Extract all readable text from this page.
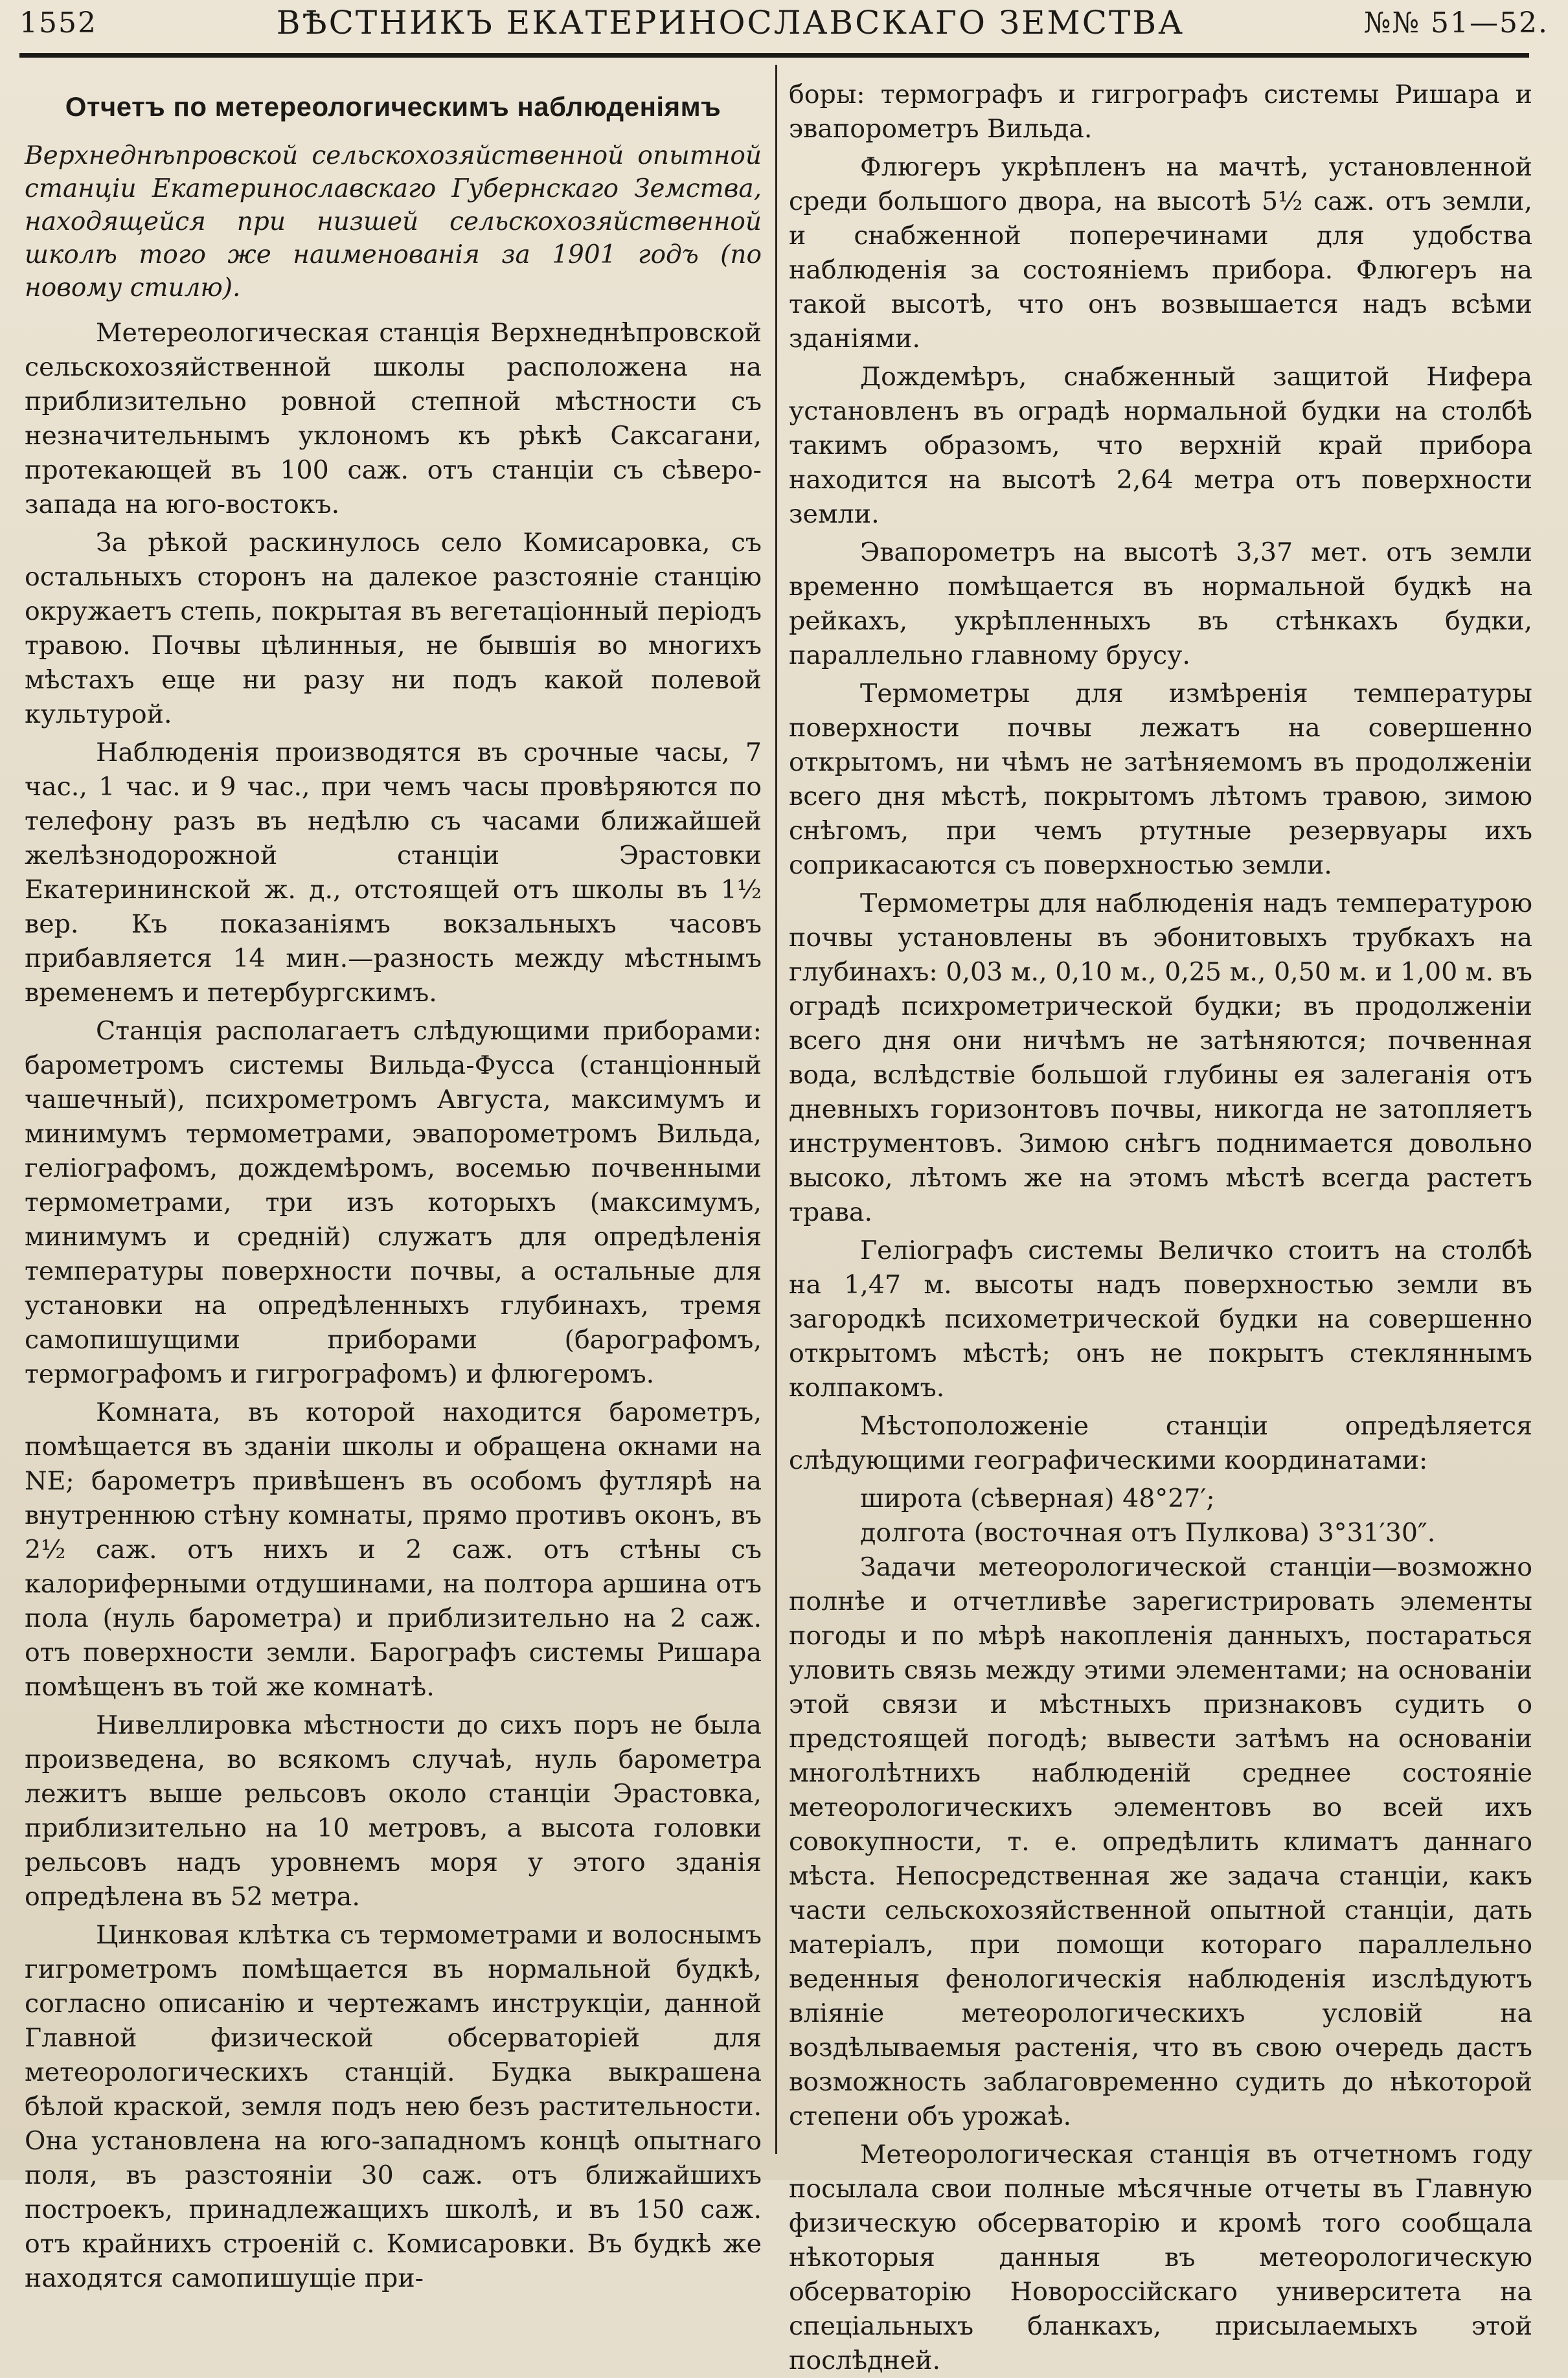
1552	ВѢСТНИКЪ ЕКАТЕРИНОСЛАВСКАГО ЗЕМСТВА	№№ 51—52.
Отчетъ по метереологическимъ наблюденіямъ
Верхнеднѣпровской сельскохозяйственной опытной станціи Екатеринославскаго Губернскаго Земства, находящейся при низшей сельскохозяйственной школѣ того же наименованія за 1901 годъ (по новому стилю).

Метереологическая станція Верхнеднѣпровской сельскохозяйственной школы расположена на приблизительно ровной степной мѣстности съ незначительнымъ уклономъ къ рѣкѣ Саксагани, протекающей въ 100 саж. отъ станціи съ сѣверо-запада на юго-востокъ.

За рѣкой раскинулось село Комисаровка, съ остальныхъ сторонъ на далекое разстояніе станцію окружаетъ степь, покрытая въ вегетаціонный періодъ травою. Почвы цѣлинныя, не бывшія во многихъ мѣстахъ еще ни разу ни подъ какой полевой культурой.

Наблюденія производятся въ срочные часы, 7 час., 1 час. и 9 час., при чемъ часы провѣряются по телефону разъ въ недѣлю съ часами ближайшей желѣзнодорожной станціи Эрастовки Екатерининской ж. д., отстоящей отъ школы въ 1½ вер. Къ показаніямъ вокзальныхъ часовъ прибавляется 14 мин.—разность между мѣстнымъ временемъ и петербургскимъ.

Станція располагаетъ слѣдующими приборами: барометромъ системы Вильда-Фусса (станціонный чашечный), психрометромъ Августа, максимумъ и минимумъ термометрами, эвапорометромъ Вильда, геліографомъ, дождемѣромъ, восемью почвенными термометрами, три изъ которыхъ (максимумъ, минимумъ и средній) служатъ для опредѣленія температуры поверхности почвы, а остальные для установки на опредѣленныхъ глубинахъ, тремя самопишущими приборами (барографомъ, термографомъ и гигрографомъ) и флюгеромъ.

Комната, въ которой находится барометръ, помѣщается въ зданіи школы и обращена окнами на NE; барометръ привѣшенъ въ особомъ футлярѣ на внутреннюю стѣну комнаты, прямо противъ оконъ, въ 2½ саж. отъ нихъ и 2 саж. отъ стѣны съ калориферными отдушинами, на полтора аршина отъ пола (нуль барометра) и приблизительно на 2 саж. отъ поверхности земли. Барографъ системы Ришара помѣщенъ въ той же комнатѣ.

Нивеллировка мѣстности до сихъ поръ не была произведена, во всякомъ случаѣ, нуль барометра лежитъ выше рельсовъ около станціи Эрастовка, приблизительно на 10 метровъ, а высота головки рельсовъ надъ уровнемъ моря у этого зданія опредѣлена въ 52 метра.

Цинковая клѣтка съ термометрами и волоснымъ гигрометромъ помѣщается въ нормальной будкѣ, согласно описанію и чертежамъ инструкціи, данной Главной физической обсерваторіей для метеорологическихъ станцій. Будка выкрашена бѣлой краской, земля подъ нею безъ растительности. Она установлена на юго-западномъ концѣ опытнаго поля, въ разстояніи 30 саж. отъ ближайшихъ построекъ, принадлежащихъ школѣ, и въ 150 саж. отъ крайнихъ строеній с. Комисаровки. Въ будкѣ же находятся самопишущіе при-

боры: термографъ и гигрографъ системы Ришара и эвапорометръ Вильда.

Флюгеръ укрѣпленъ на мачтѣ, установленной среди большого двора, на высотѣ 5½ саж. отъ земли, и снабженной поперечинами для удобства наблюденія за состояніемъ прибора. Флюгеръ на такой высотѣ, что онъ возвышается надъ всѣми зданіями.

Дождемѣръ, снабженный защитой Нифера установленъ въ оградѣ нормальной будки на столбѣ такимъ образомъ, что верхній край прибора находится на высотѣ 2,64 метра отъ поверхности земли.

Эвапорометръ на высотѣ 3,37 мет. отъ земли временно помѣщается въ нормальной будкѣ на рейкахъ, укрѣпленныхъ въ стѣнкахъ будки, параллельно главному брусу.

Термометры для измѣренія температуры поверхности почвы лежатъ на совершенно открытомъ, ни чѣмъ не затѣняемомъ въ продолженіи всего дня мѣстѣ, покрытомъ лѣтомъ травою, зимою снѣгомъ, при чемъ ртутные резервуары ихъ соприкасаются съ поверхностью земли.

Термометры для наблюденія надъ температурою почвы установлены въ эбонитовыхъ трубкахъ на глубинахъ: 0,03 м., 0,10 м., 0,25 м., 0,50 м. и 1,00 м. въ оградѣ психрометрической будки; въ продолженіи всего дня они ничѣмъ не затѣняются; почвенная вода, вслѣдствіе большой глубины ея залеганія отъ дневныхъ горизонтовъ почвы, никогда не затопляетъ инструментовъ. Зимою снѣгъ поднимается довольно высоко, лѣтомъ же на этомъ мѣстѣ всегда растетъ трава.

Геліографъ системы Величко стоитъ на столбѣ на 1,47 м. высоты надъ поверхностью земли въ загородкѣ психометрической будки на совершенно открытомъ мѣстѣ; онъ не покрытъ стекляннымъ колпакомъ.

Мѣстоположеніе станціи опредѣляется слѣдующими географическими координатами:

широта (сѣверная) 48°27′;

долгота (восточная отъ Пулкова) 3°31′30″.

Задачи метеорологической станціи—возможно полнѣе и отчетливѣе зарегистрировать элементы погоды и по мѣрѣ накопленія данныхъ, постараться уловить связь между этими элементами; на основаніи этой связи и мѣстныхъ признаковъ судить о предстоящей погодѣ; вывести затѣмъ на основаніи многолѣтнихъ наблюденій среднее состояніе метеорологическихъ элементовъ во всей ихъ совокупности, т. е. опредѣлить климатъ даннаго мѣста. Непосредственная же задача станціи, какъ части сельскохозяйственной опытной станціи, дать матеріалъ, при помощи котораго параллельно веденныя фенологическія наблюденія изслѣдуютъ вліяніе метеорологическихъ условій на воздѣлываемыя растенія, что въ свою очередь дастъ возможность заблаговременно судить до нѣкоторой степени объ урожаѣ.

Метеорологическая станція въ отчетномъ году посылала свои полные мѣсячные отчеты въ Главную физическую обсерваторію и кромѣ того сообщала нѣкоторыя данныя въ метеорологическую обсерваторію Новороссійскаго университета на спеціальныхъ бланкахъ, присылаемыхъ этой послѣдней.
